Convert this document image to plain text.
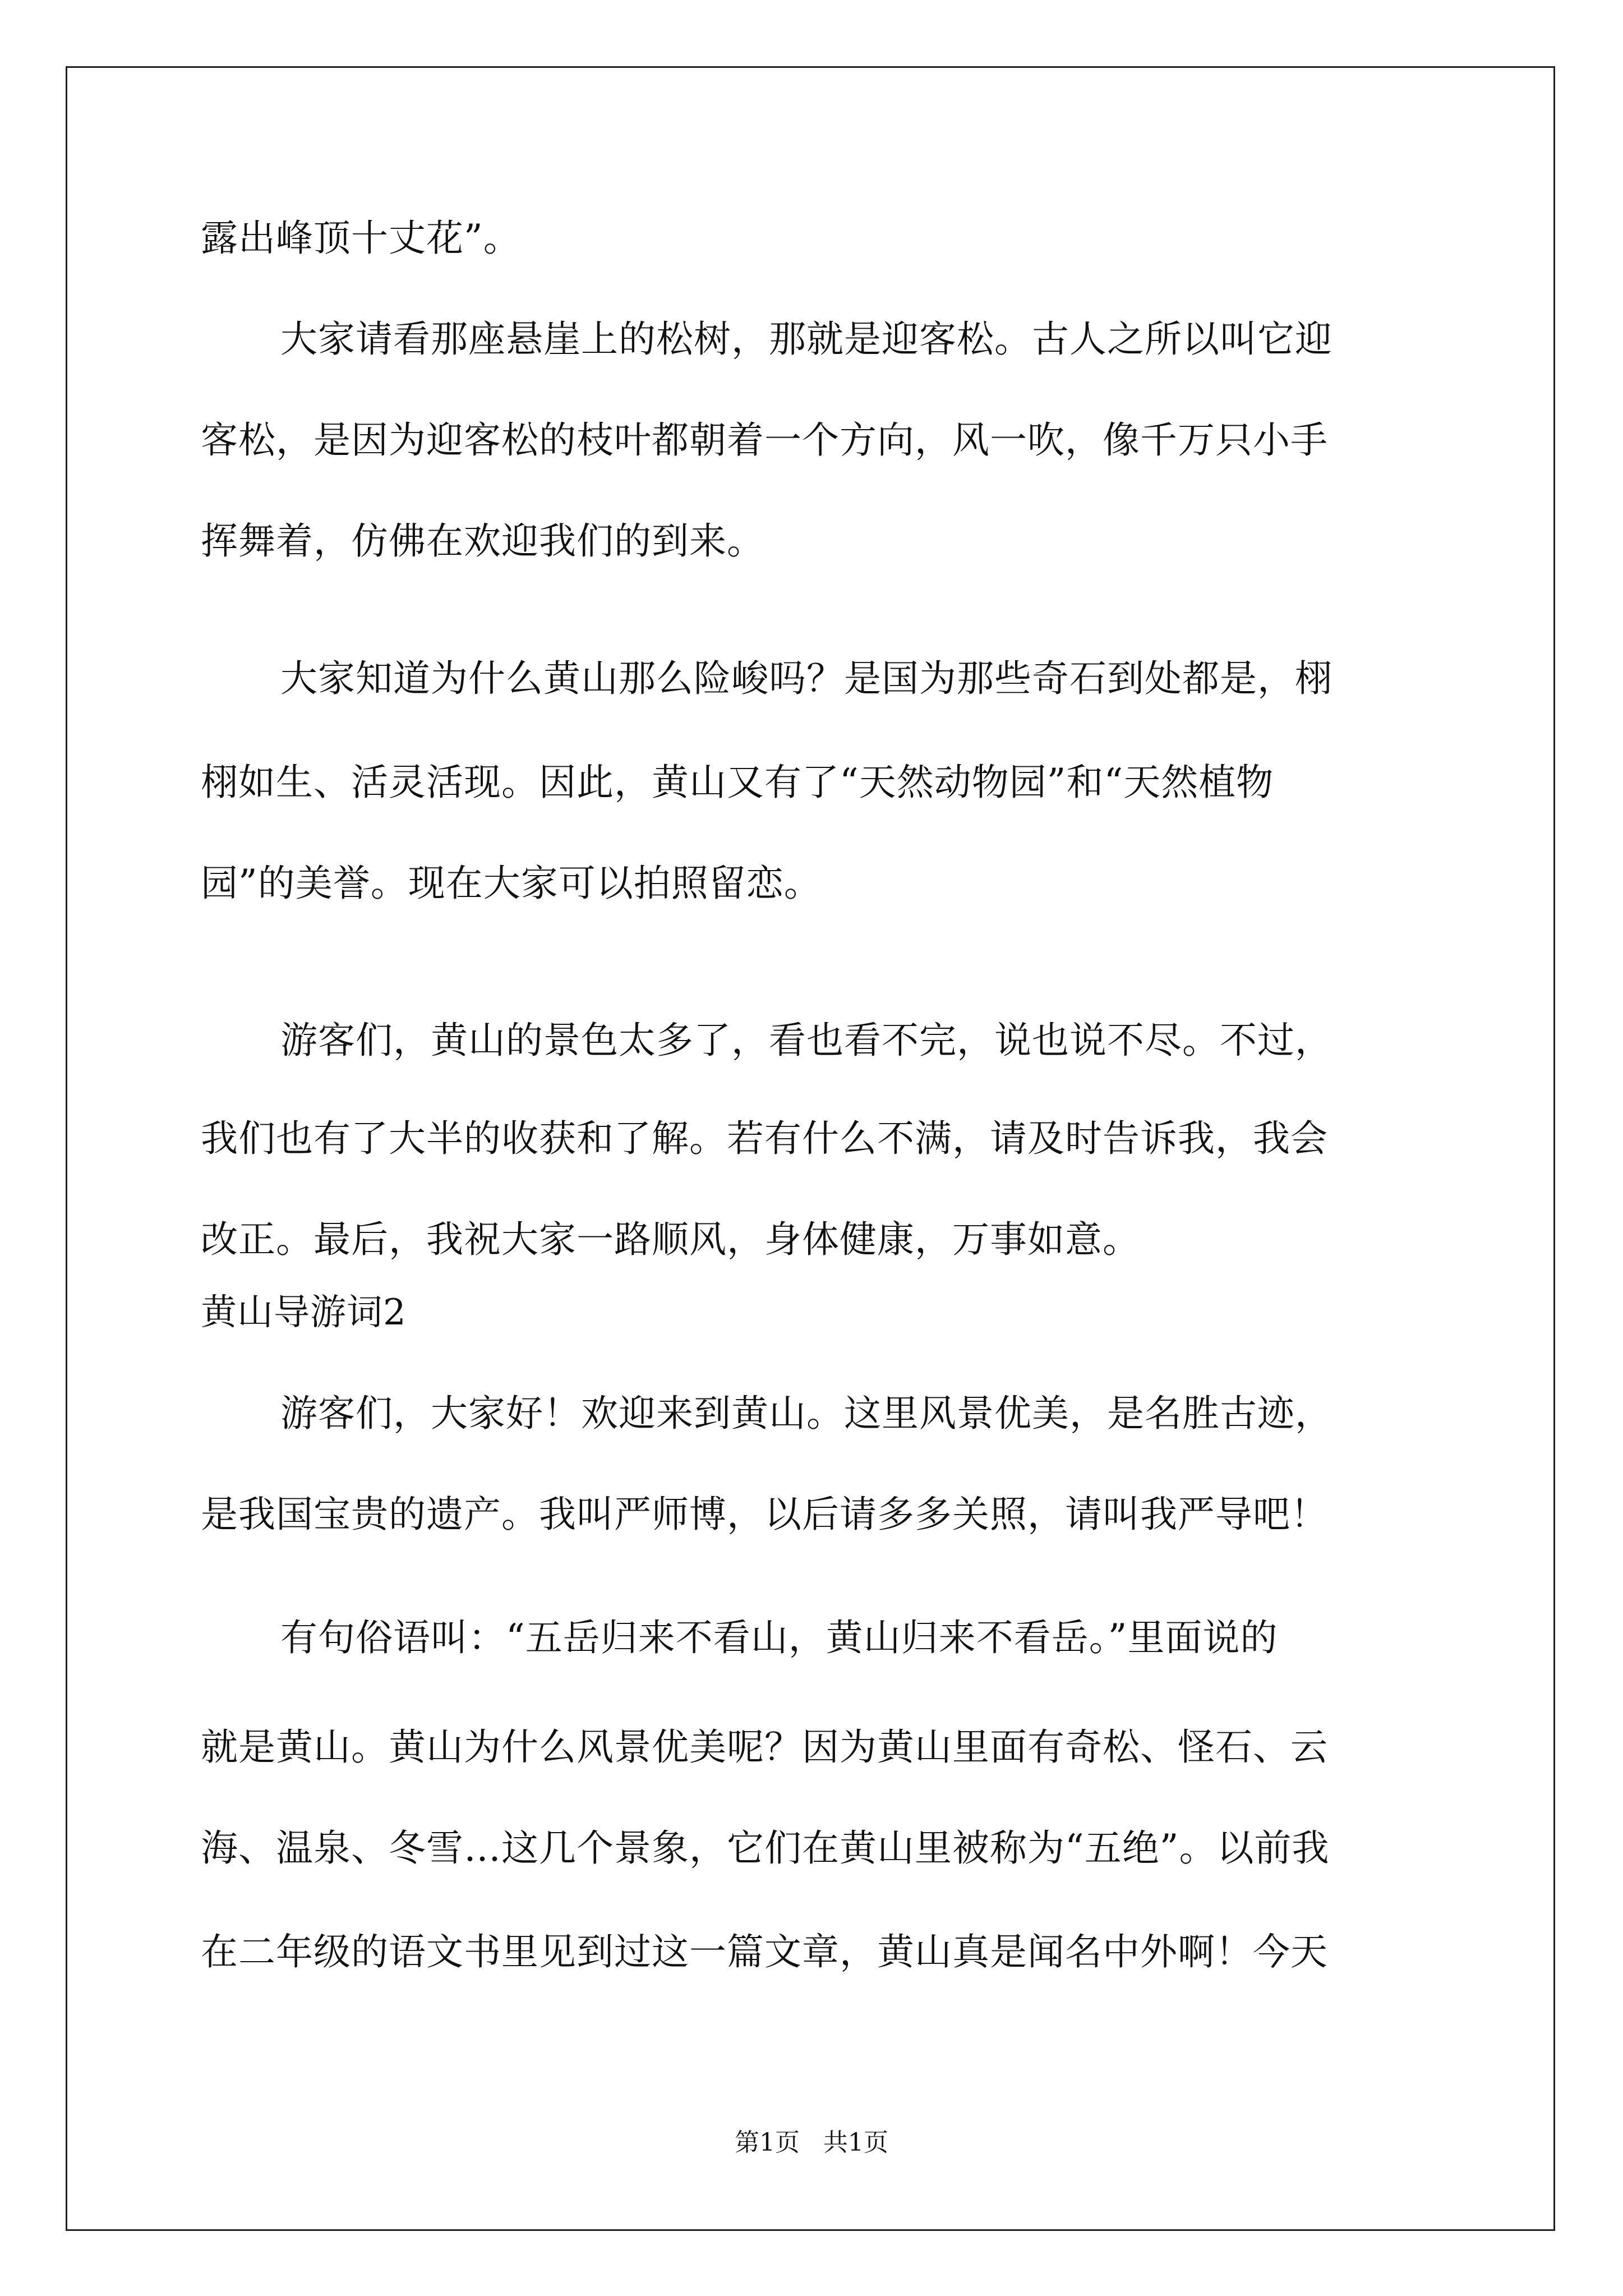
露出峰顶十丈花”。
大家请看那座悬崖上的松树，那就是迎客松。古人之所以叫它迎
客松，是因为迎客松的枝叶都朝着一个方向，风一吹，像千万只小手
挥舞着，仿佛在欢迎我们的到来。
大家知道为什么黄山那么险峻吗？是国为那些奇石到处都是，栩
栩如生、活灵活现。因此，黄山又有了“天然动物园”和“天然植物
园”的美誉。现在大家可以拍照留恋。
游客们，黄山的景色太多了，看也看不完，说也说不尽。不过，
我们也有了大半的收获和了解。若有什么不满，请及时告诉我，我会
改正。最后，我祝大家一路顺风，身体健康，万事如意。
黄山导游词2
游客们，大家好！欢迎来到黄山。这里风景优美，是名胜古迹，
是我国宝贵的遗产。我叫严师博，以后请多多关照，请叫我严导吧！
有句俗语叫：“五岳归来不看山，黄山归来不看岳。”里面说的
就是黄山。黄山为什么风景优美呢？因为黄山里面有奇松、怪石、云
海、温泉、冬雪…这几个景象，它们在黄山里被称为“五绝”。以前我
在二年级的语文书里见到过这一篇文章，黄山真是闻名中外啊！今天
第1页   共1页
